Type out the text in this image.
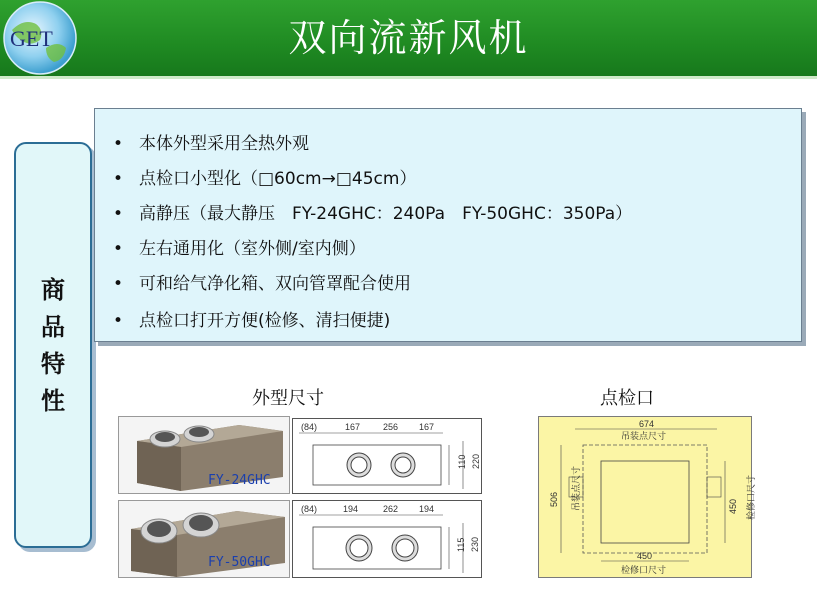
GET	双向流新风机
商
品
特
性
• 本体外型采用全热外观
• 点检口小型化（□60cm→□45cm）
• 高静压（最大静压　FY-24GHC：240Pa　FY-50GHC：350Pa）
• 左右通用化（室外侧/室内侧）
• 可和给气净化箱、双向管罩配合使用
• 点检口打开方便(检修、清扫便捷)
外型尺寸	点检口
FY-24GHC
(84)	167	256 167
110 220
FY-50GHC
(84)	194	262 194
115 230
674
吊装点尺寸
506 吊装点尺寸	450 检修口尺寸
450
检修口尺寸
